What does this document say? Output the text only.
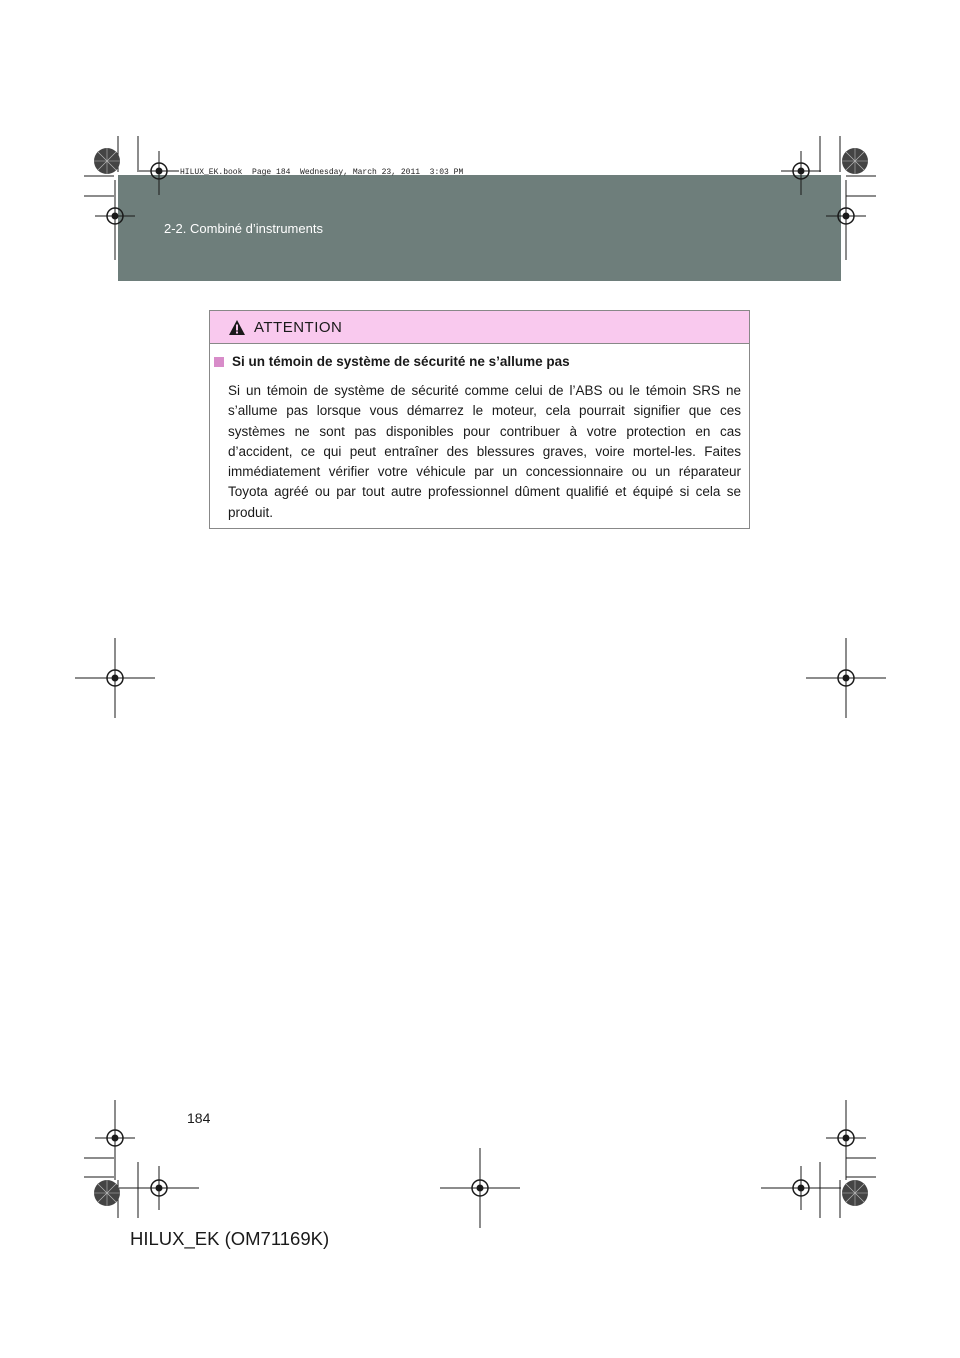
2-2. Combiné d’instruments
HILUX_EK.book  Page 184  Wednesday, March 23, 2011  3:03 PM
ATTENTION
Si un témoin de système de sécurité ne s’allume pas
Si un témoin de système de sécurité comme celui de l’ABS ou le témoin SRS ne s’allume pas lorsque vous démarrez le moteur, cela pourrait signifier que ces systèmes ne sont pas disponibles pour contribuer à votre protection en cas d’accident, ce qui peut entraîner des blessures graves, voire mortel-les. Faites immédiatement vérifier votre véhicule par un concessionnaire ou un réparateur Toyota agréé ou par tout autre professionnel dûment qualifié et équipé si cela se produit.
184
HILUX_EK (OM71169K)
